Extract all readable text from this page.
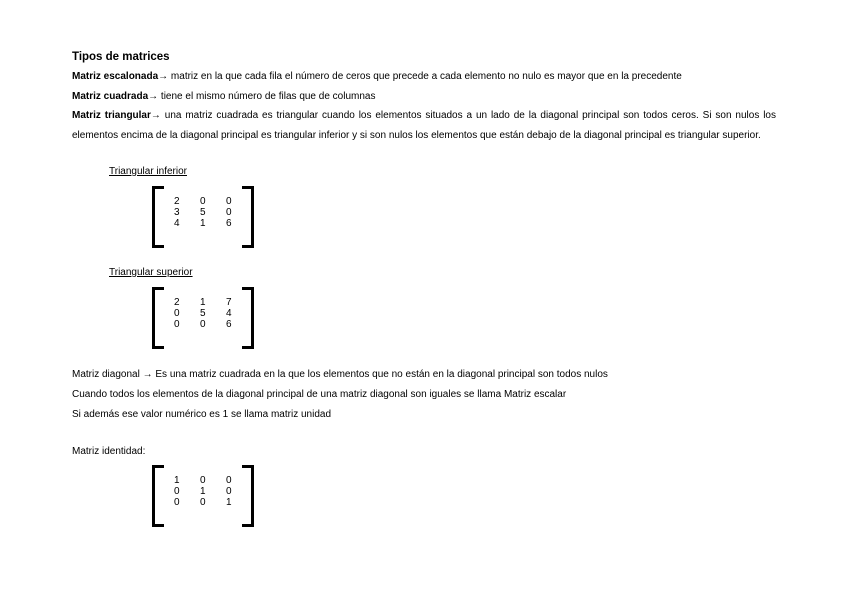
Tipos de matrices
Matriz escalonada→ matriz en la que cada fila el número de ceros que precede a cada elemento no nulo es mayor que en la precedente
Matriz cuadrada→ tiene el mismo número de filas que de columnas
Matriz triangular→ una matriz cuadrada es triangular cuando los elementos situados a un lado de la diagonal principal son todos ceros. Si son nulos los elementos encima de la diagonal principal es triangular inferior y si son nulos los elementos que están debajo de la diagonal principal es triangular superior.
Triangular inferior
2	0	0
3	5	0
4	1	6
Triangular superior
2	1	7
0	5	4
0	0	6
Matriz diagonal → Es una matriz cuadrada en la que los elementos que no están en la diagonal principal son todos nulos
Cuando todos los elementos de la diagonal principal de una matriz diagonal son iguales se llama Matriz escalar
Si además ese valor numérico es 1 se llama matriz unidad
Matriz identidad:
1	0	0
0	1	0
0	0	1
